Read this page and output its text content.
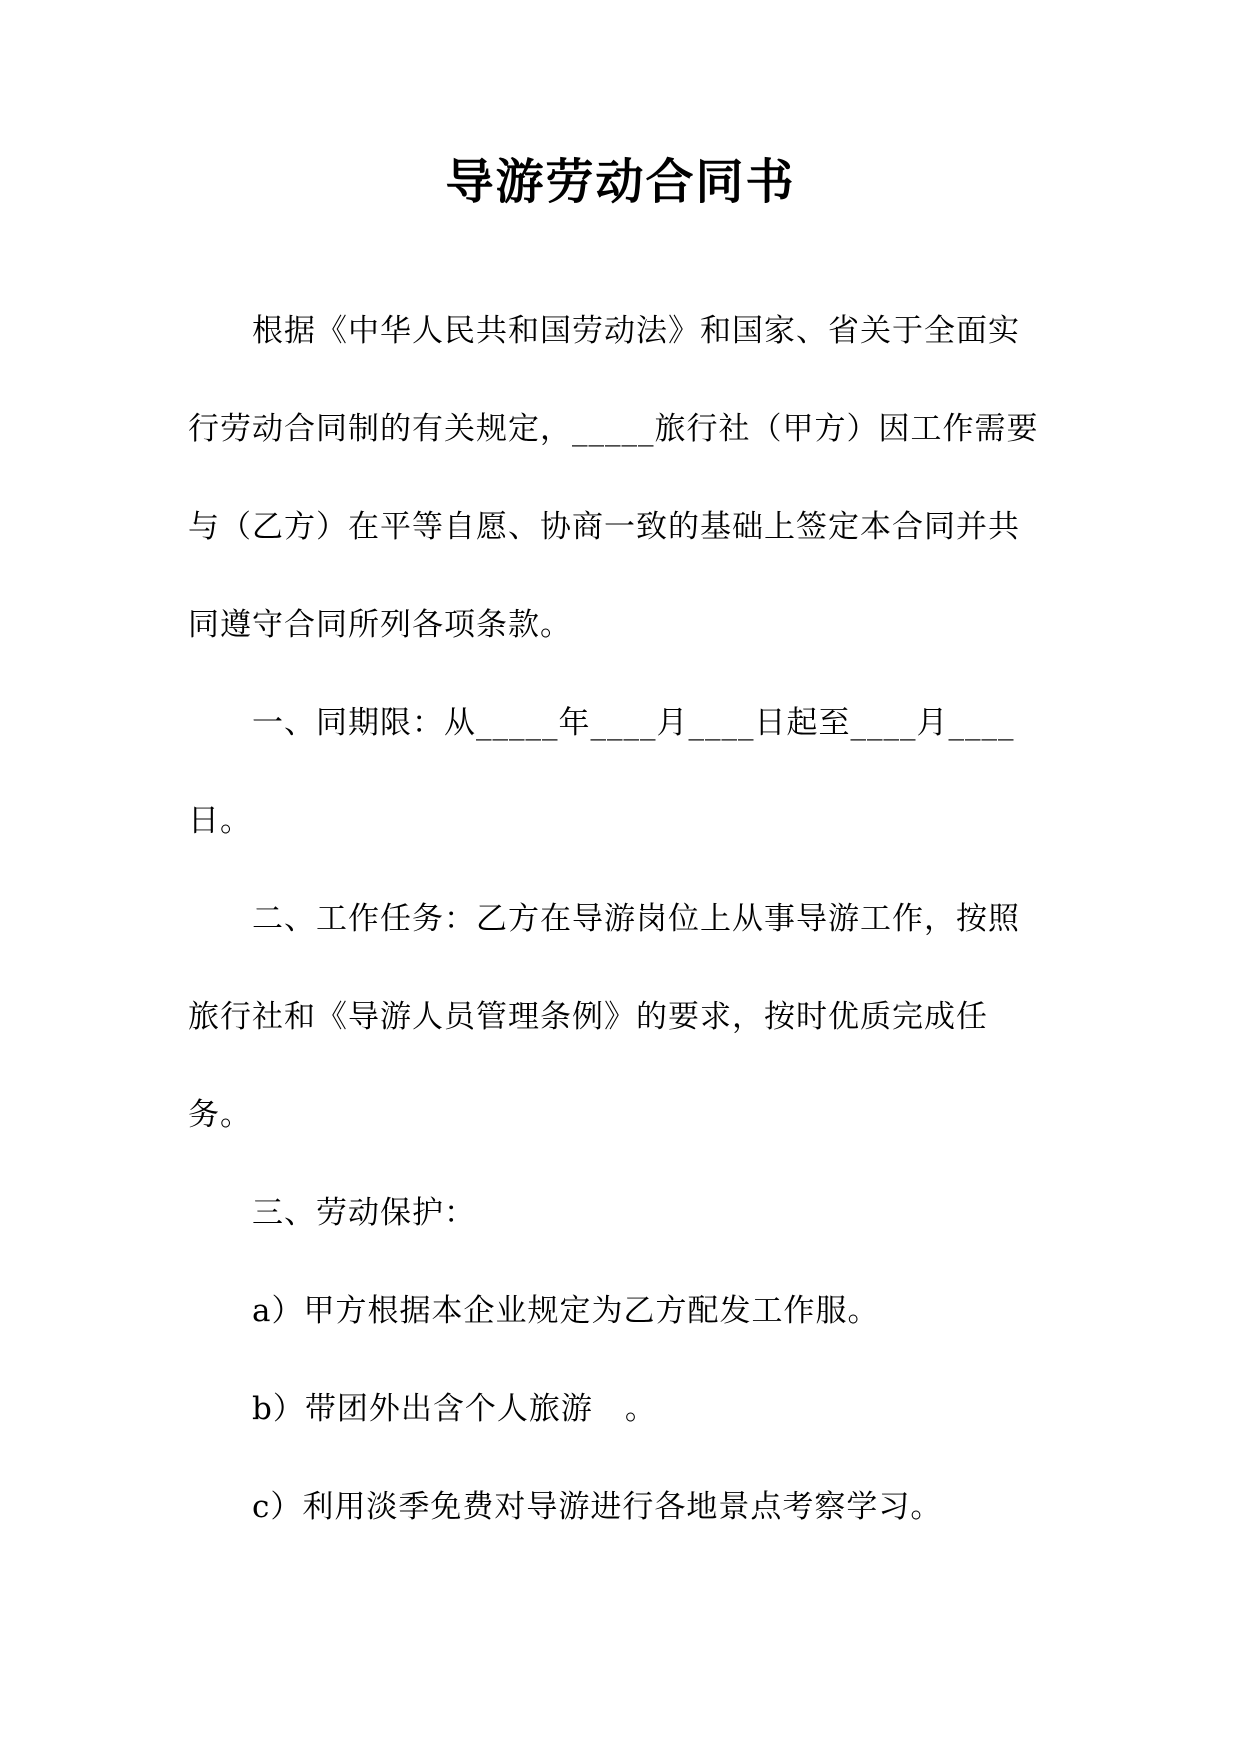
导游劳动合同书

根据《中华人民共和国劳动法》和国家、省关于全面实行劳动合同制的有关规定，_____旅行社（甲方）因工作需要与（乙方）在平等自愿、协商一致的基础上签定本合同并共同遵守合同所列各项条款。

一、同期限：从_____年____月____日起至____月____日。

二、工作任务：乙方在导游岗位上从事导游工作，按照旅行社和《导游人员管理条例》的要求，按时优质完成任务。

三、劳动保护：

a）甲方根据本企业规定为乙方配发工作服。

b）带团外出含个人旅游　。

c）利用淡季免费对导游进行各地景点考察学习。
